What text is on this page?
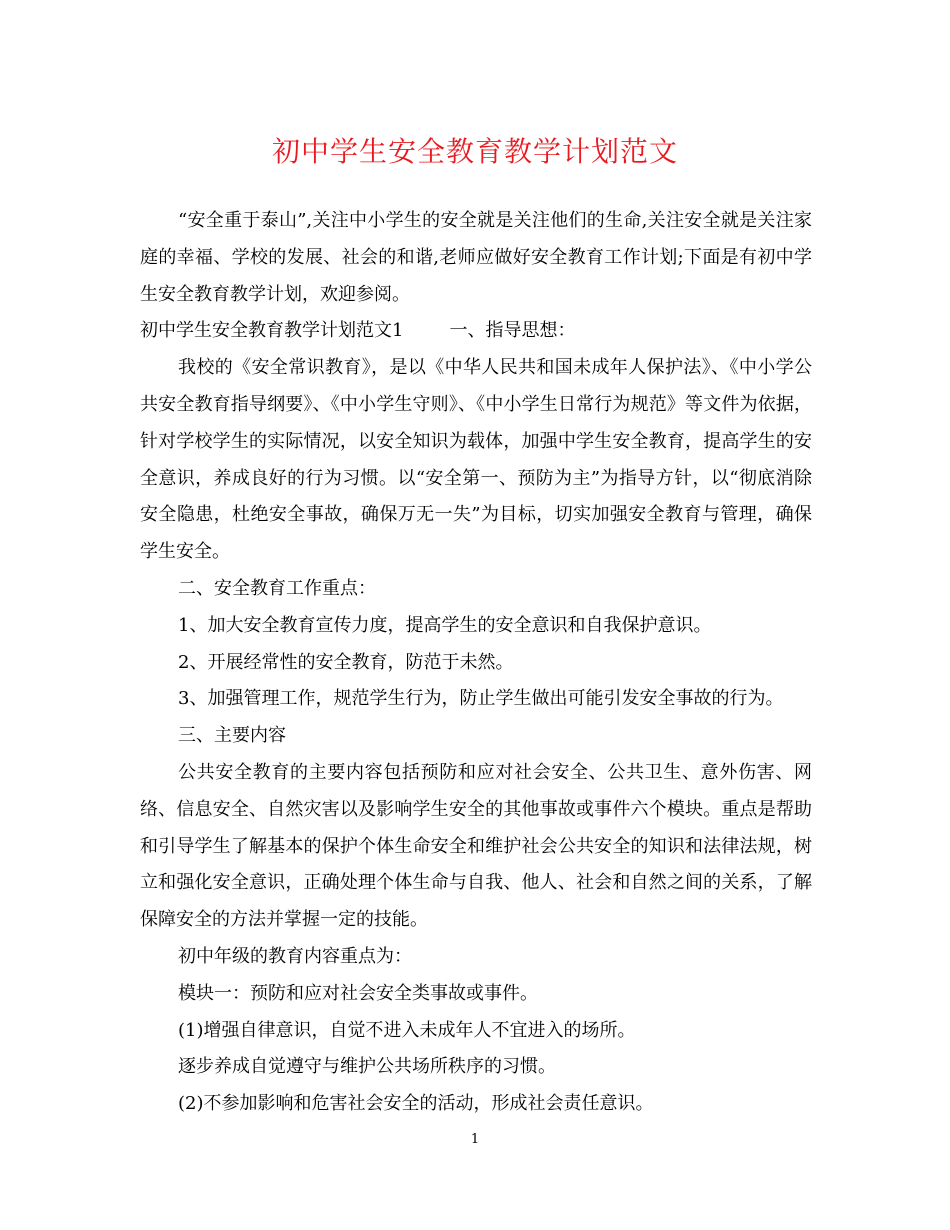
初中学生安全教育教学计划范文

“安全重于泰山”,关注中小学生的安全就是关注他们的生命,关注安全就是关注家庭的幸福、学校的发展、社会的和谐,老师应做好安全教育工作计划;下面是有初中学生安全教育教学计划，欢迎参阅。

初中学生安全教育教学计划范文1	一、指导思想：

我校的《安全常识教育》，是以《中华人民共和国未成年人保护法》、《中小学公共安全教育指导纲要》、《中小学生守则》、《中小学生日常行为规范》等文件为依据，针对学校学生的实际情况，以安全知识为载体，加强中学生安全教育，提高学生的安全意识，养成良好的行为习惯。以“安全第一、预防为主”为指导方针，以“彻底消除安全隐患，杜绝安全事故，确保万无一失”为目标，切实加强安全教育与管理，确保学生安全。

二、安全教育工作重点：

1、加大安全教育宣传力度，提高学生的安全意识和自我保护意识。

2、开展经常性的安全教育，防范于未然。

3、加强管理工作，规范学生行为，防止学生做出可能引发安全事故的行为。

三、主要内容

公共安全教育的主要内容包括预防和应对社会安全、公共卫生、意外伤害、网络、信息安全、自然灾害以及影响学生安全的其他事故或事件六个模块。重点是帮助和引导学生了解基本的保护个体生命安全和维护社会公共安全的知识和法律法规，树立和强化安全意识，正确处理个体生命与自我、他人、社会和自然之间的关系，了解保障安全的方法并掌握一定的技能。

初中年级的教育内容重点为：

模块一：预防和应对社会安全类事故或事件。

(1)增强自律意识，自觉不进入未成年人不宜进入的场所。

逐步养成自觉遵守与维护公共场所秩序的习惯。

(2)不参加影响和危害社会安全的活动，形成社会责任意识。

1
